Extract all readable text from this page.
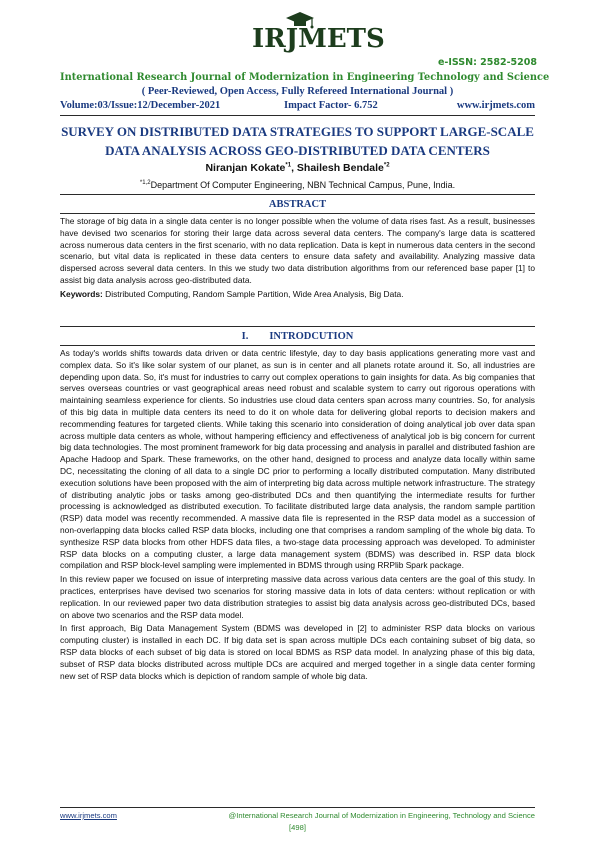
IRJMETS
e-ISSN: 2582-5208
International Research Journal of Modernization in Engineering Technology and Science
( Peer-Reviewed, Open Access, Fully Refereed International Journal )
Volume:03/Issue:12/December-2021	Impact Factor- 6.752	www.irjmets.com
SURVEY ON DISTRIBUTED DATA STRATEGIES TO SUPPORT LARGE-SCALE
DATA ANALYSIS ACROSS GEO-DISTRIBUTED DATA CENTERS
Niranjan Kokate$^{*1}$, Shailesh Bendale$^{*2}$
$^{*1,2}$Department Of Computer Engineering, NBN Technical Campus, Pune, India.
ABSTRACT

The storage of big data in a single data center is no longer possible when the volume of data rises fast. As a result, businesses have devised two scenarios for storing their large data across several data centers. The company's large data is scattered across numerous data centers in the first scenario, with no data replication. Data is kept in numerous data centers in the second scenario, but vital data is replicated in these data centers to ensure data safety and availability. Analyzing massive data dispersed across several data centers. In this we study two data distribution algorithms from our referenced base paper [1] to assist big data analysis across geo-distributed data.

Keywords: Distributed Computing, Random Sample Partition, Wide Area Analysis, Big Data.

I.        INTRODCUTION

As today's worlds shifts towards data driven or data centric lifestyle, day to day basis applications generating more vast and complex data. So it's like solar system of our planet, as sun is in center and all planets rotate around it. So, all industries are depending upon data. So, it's must for industries to carry out complex operations to gain insights for data. As big companies that serves overseas countries or vast geographical areas need robust and scalable system to carry out rigorous operations with maintaining seamless experience for clients. So industries use cloud data centers span across many countries. So, for analysis of this big data in multiple data centers its need to do it on whole data for delivering global reports to decision makers and recommending features for targeted clients. While taking this scenario into consideration of doing analytical job over data span across multiple data centers as whole, without hampering efficiency and effectiveness of analytical job is big concern for current big data technologies. The most prominent framework for big data processing and analysis in parallel and distributed fashion are Apache Hadoop and Spark. These frameworks, on the other hand, designed to process and analyze data locally within same DC, necessitating the cloning of all data to a single DC prior to performing a locally distributed computation. Many distributed execution solutions have been proposed with the aim of interpreting big data across multiple network infrastructure. The strategy of distributing analytic jobs or tasks among geo-distributed DCs and then quantifying the intermediate results for further processing is acknowledged as distributed execution. To facilitate distributed large data analysis, the random sample partition (RSP) data model was recently recommended. A massive data file is represented in the RSP data model as a succession of non-overlapping data blocks called RSP data blocks, including one that comprises a random sampling of the whole big data. To synthesize RSP data blocks from other HDFS data files, a two-stage data processing approach was developed. To administer RSP data blocks on a computing cluster, a large data management system (BDMS) was described in. RSP data block compilation and RSP block-level sampling were implemented in BDMS through using RRPlib Spark package.

In this review paper we focused on issue of interpreting massive data across various data centers are the goal of this study. In practices, enterprises have devised two scenarios for storing massive data in lots of data centers: without replication or with replication. In our reviewed paper two data distribution strategies to assist big data analysis across geo-distributed DCs, based on above two scenarios and the RSP data model.

In first approach, Big Data Management System (BDMS was developed in [2] to administer RSP data blocks on various computing cluster) is installed in each DC. If big data set is span across multiple DCs each containing subset of big data, so RSP data blocks of each subset of big data is stored on local BDMS as RSP data model. In analyzing phase of this big data, subset of RSP data blocks distributed across multiple DCs are acquired and merged together in a single data center forming new set of RSP data blocks which is depiction of random sample of whole big data.

www.irjmets.com	@International Research Journal of Modernization in Engineering, Technology and Science
[498]
